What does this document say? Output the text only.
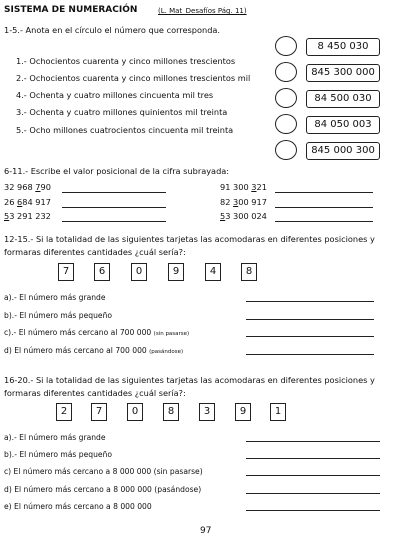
SISTEMA DE NUMERACIÓN	(L. Mat_Desafíos Pág. 11)
1-5.- Anota en el círculo el número que corresponda.
1.- Ochocientos cuarenta y cinco millones trescientos
2.- Ochocientos cuarenta y cinco millones trescientos mil
4.- Ochenta y cuatro millones cincuenta mil tres
3.- Ochenta y cuatro millones quinientos mil treinta
5.- Ocho millones cuatrocientos cincuenta mil treinta
8 450 030
845 300 000
84 500 030
84 050 003
845 000 300
6-11.- Escribe el valor posicional de la cifra subrayada:
32 968 790
26 684 917
53 291 232
91 300 321
82 300 917
53 300 024
12-15.- Si la totalidad de las siguientes tarjetas las acomodaras en diferentes posiciones y
formaras diferentes cantidades ¿cuál sería?:
7	6	0	9	4	8
a).- El número más grande
b).- El número más pequeño
c).- El número más cercano al 700 000 (sin pasarse)
d) El número más cercano al 700 000 (pasándose)
16-20.- Si la totalidad de las siguientes tarjetas las acomodaras en diferentes posiciones y
formaras diferentes cantidades ¿cuál sería?:
2	7	0	8	3	9	1
a).- El número más grande
b).- El número más pequeño
c) El número más cercano a 8 000 000 (sin pasarse)
d) El número más cercano a 8 000 000 (pasándose)
e) El número más cercano a 8 000 000
97
